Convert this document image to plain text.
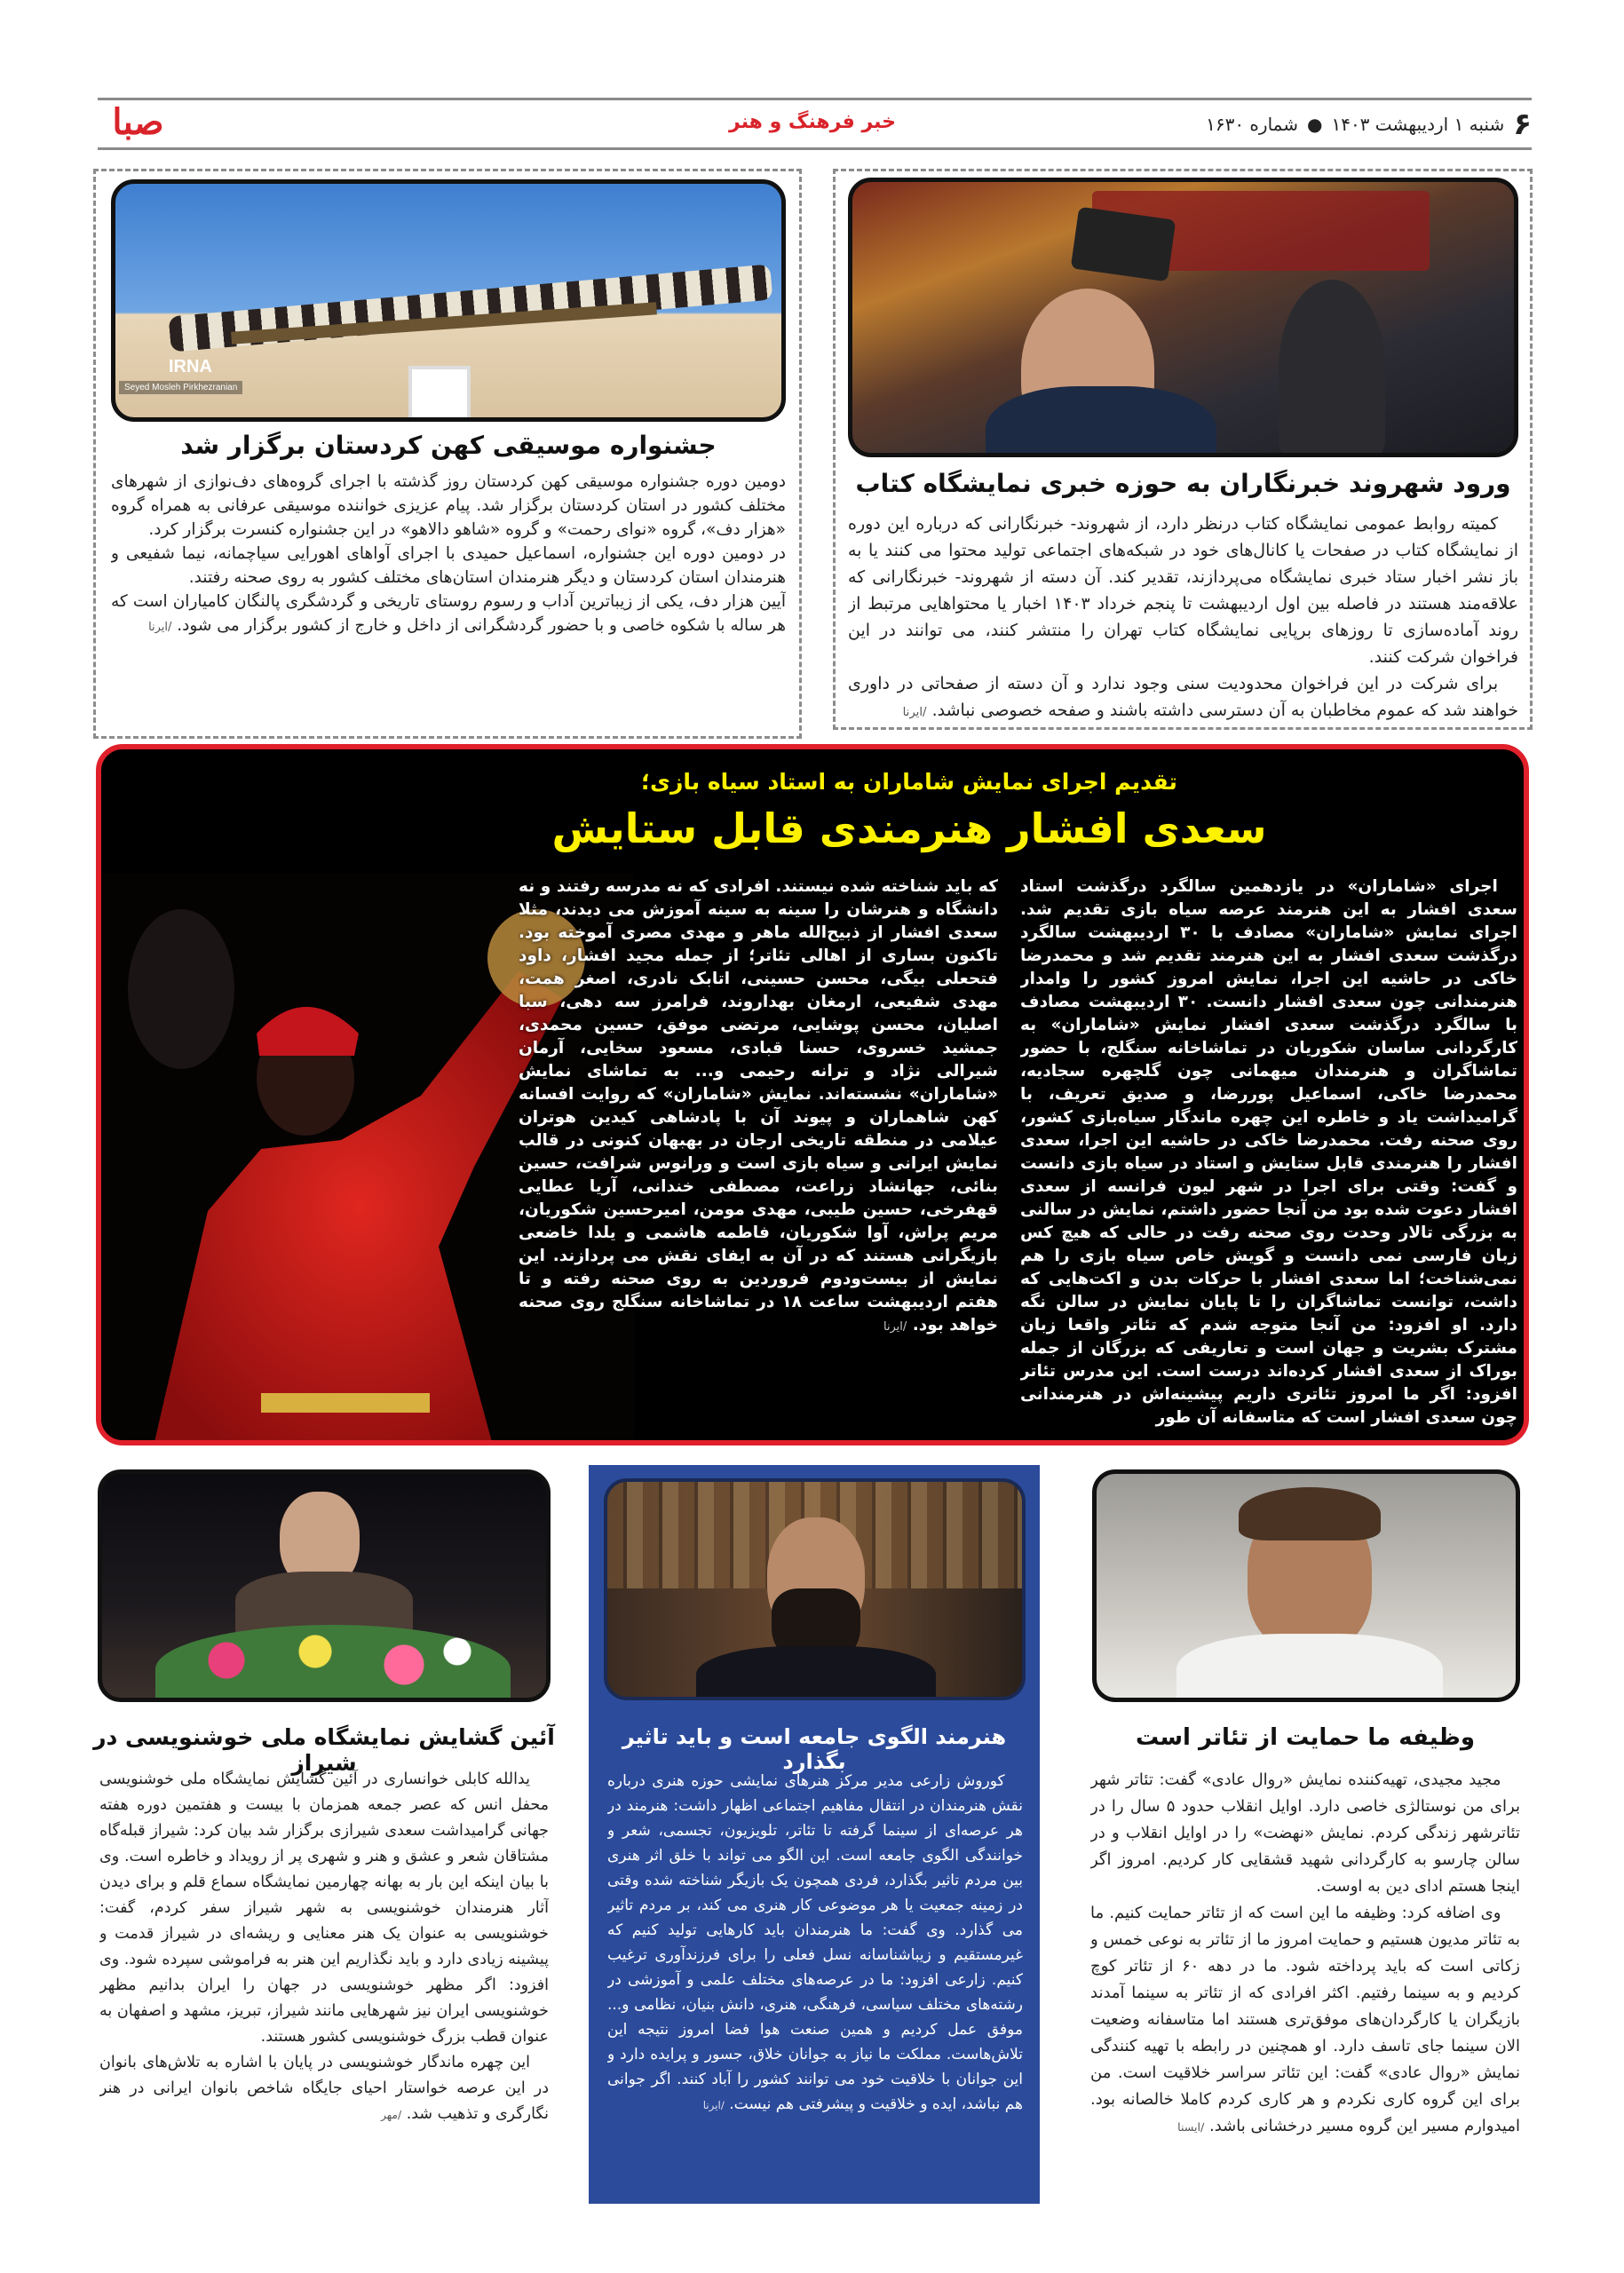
صبا	خبر فرهنگ و هنر	۶
شنبه ۱ اردیبهشت ۱۴۰۳
●
شماره ۱۶۳۰
ورود شهروند خبرنگاران به حوزه خبری نمایشگاه کتاب

کمیته روابط عمومی نمایشگاه کتاب درنظر دارد، از شهروند- خبرنگارانی که درباره این دوره از نمایشگاه کتاب در صفحات یا کانال‌های خود در شبکه‌های اجتماعی تولید محتوا می کنند یا به باز نشر اخبار ستاد خبری نمایشگاه می‌پردازند، تقدیر کند. آن دسته از شهروند- خبرنگارانی که علاقه‌مند هستند در فاصله بین اول اردیبهشت تا پنجم خرداد ۱۴۰۳ اخبار یا محتواهایی مرتبط از روند آماده‌سازی تا روزهای برپایی نمایشگاه کتاب تهران را منتشر کنند، می توانند در این فراخوان شرکت کنند.

برای شرکت در این فراخوان محدودیت سنی وجود ندارد و آن دسته از صفحاتی در داوری خواهند شد که عموم مخاطبان به آن دسترسی داشته باشند و صفحه خصوصی نباشد. /ایرنا

IRNA
Seyed Mosleh Pirkhezranian
جشنواره موسیقی کهن کردستان برگزار شد

دومین دوره جشنواره موسیقی کهن کردستان روز گذشته با اجرای گروه‌های دف‌نوازی از شهرهای مختلف کشور در استان کردستان برگزار شد. پیام عزیزی خواننده موسیقی عرفانی به همراه گروه «هزار دف»، گروه «نوای رحمت» و گروه «شاهو دالاهو» در این جشنواره کنسرت برگزار کرد.

در دومین دوره این جشنواره، اسماعیل حمیدی با اجرای آواهای اهورایی سیاچمانه، نیما شفیعی و هنرمندان استان کردستان و دیگر هنرمندان استان‌های مختلف کشور به روی صحنه رفتند.

آیین هزار دف، یکی از زیباترین آداب و رسوم روستای تاریخی و گردشگری پالنگان کامیاران است که هر ساله با شکوه خاصی و با حضور گردشگرانی از داخل و خارج از کشور برگزار می شود. /ایرنا

تقدیم اجرای نمایش شاماران به استاد سیاه بازی؛
سعدی افشار هنرمندی قابل ستایش

اجرای «شاماران» در یازدهمین سالگرد درگذشت استاد سعدی افشار به این هنرمند عرصه سیاه بازی تقدیم شد. اجرای نمایش «شاماران» مصادف با ۳۰ اردیبهشت سالگرد درگذشت سعدی افشار به این هنرمند تقدیم شد و محمدرضا خاکی در حاشیه این اجرا، نمایش امروز کشور را وامدار هنرمندانی چون سعدی افشار دانست. ۳۰ اردیبهشت مصادف با سالگرد درگذشت سعدی افشار نمایش «شاماران» به کارگردانی ساسان شکوریان در تماشاخانه سنگلج، با حضور تماشاگران و هنرمندان میهمانی چون گلچهره سجادیه، محمدرضا خاکی، اسماعیل پوررضا، و صدیق تعریف، با گرامیداشت یاد و خاطره این چهره ماندگار سیاه‌بازی کشور، روی صحنه رفت. محمدرضا خاکی در حاشیه این اجرا، سعدی افشار را هنرمندی قابل ستایش و استاد در سیاه بازی دانست و گفت: وقتی برای اجرا در شهر لیون فرانسه از سعدی افشار دعوت شده بود من آنجا حضور داشتم، نمایش در سالنی به بزرگی تالار وحدت روی صحنه رفت در حالی که هیچ کس زبان فارسی نمی دانست و گویش خاص سیاه بازی را هم نمی‌شناخت؛ اما سعدی افشار با حرکات بدن و اکت‌هایی که داشت، توانست تماشاگران را تا پایان نمایش در سالن نگه دارد. او افزود: من آنجا متوجه شدم که تئاتر واقعا زبان مشترک بشریت و جهان است و تعاریفی که بزرگان از جمله بوراک از سعدی افشار کرده‌اند درست است. این مدرس تئاتر افزود: اگر ما امروز تئاتری داریم پیشینه‌اش در هنرمندانی چون سعدی افشار است که متاسفانه آن طور

که باید شناخته شده نیستند. افرادی که نه مدرسه رفتند و نه دانشگاه و هنرشان را سینه به سینه آموزش می دیدند، مثلا سعدی افشار از ذبیح‌الله ماهر و مهدی مصری آموخته بود. تاکنون بساری از اهالی تئاتر؛ از جمله مجید افشار، داود فتحعلی بیگی، محسن حسینی، اتابک نادری، اصغر همت، مهدی شفیعی، ارمغان بهداروند، فرامرز سه دهی، سبا اصلیان، محسن پوشایی، مرتضی موفق، حسین محمدی، جمشید خسروی، حسنا قبادی، مسعود سخایی، آرمان شیرالی نژاد و ترانه رحیمی و... به تماشای نمایش «شاماران» نشسته‌اند. نمایش «شاماران» که روایت افسانه کهن شاهماران و پیوند آن با پادشاهی کیدین هوتران عیلامی در منطقه تاریخی ارجان در بهبهان کنونی در قالب نمایش ایرانی و سیاه بازی است و ورانوس شرافت، حسین بنائی، جهانشاد زراعت، مصطفی خندانی، آریا عطایی قهفرخی، حسین طیبی، مهدی مومن، امیرحسین شکوریان، مریم پراش، آوا شکوریان، فاطمه هاشمی و یلدا خاضعی بازیگرانی هستند که در آن به ایفای نقش می پردازند. این نمایش از بیست‌ودوم فروردین به روی صحنه رفته و تا هفتم اردیبهشت ساعت ۱۸ در تماشاخانه سنگلج روی صحنه خواهد بود. /ایرنا

وظیفه ما حمایت از تئاتر است

مجید مجیدی، تهیه‌کننده نمایش «روال عادی» گفت: تئاتر شهر برای من نوستالژی خاصی دارد. اوایل انقلاب حدود ۵ سال را در تئاترشهر زندگی کردم. نمایش «نهضت» را در اوایل انقلاب و در سالن چارسو به کارگردانی شهید قشقایی کار کردیم. امروز اگر اینجا هستم ادای دین به اوست.

وی اضافه کرد: وظیفه ما این است که از تئاتر حمایت کنیم. ما به تئاتر مدیون هستیم و حمایت امروز ما از تئاتر به نوعی خمس و زکاتی است که باید پرداخته شود. ما در دهه ۶۰ از تئاتر کوچ کردیم و به سینما رفتیم. اکثر افرادی که از تئاتر به سینما آمدند بازیگران یا کارگردان‌های موفق‌تری هستند اما متاسفانه وضعیت الان سینما جای تاسف دارد. او همچنین در رابطه با تهیه کنندگی نمایش «روال عادی» گفت: این تئاتر سراسر خلاقیت است. من برای این گروه کاری نکردم و هر کاری کردم کاملا خالصانه بود. امیدوارم مسیر این گروه مسیر درخشانی باشد. /ایسنا

هنرمند الگوی جامعه است و باید تاثیر بگذارد

کوروش زارعی مدیر مرکز هنرهای نمایشی حوزه هنری درباره نقش هنرمندان در انتقال مفاهیم اجتماعی اظهار داشت: هنرمند در هر عرصه‌ای از سینما گرفته تا تئاتر، تلویزیون، تجسمی، شعر و خوانندگی الگوی جامعه است. این الگو می تواند با خلق اثر هنری بین مردم تاثیر بگذارد، فردی همچون یک بازیگر شناخته شده وقتی در زمینه جمعیت یا هر موضوعی کار هنری می کند، بر مردم تاثیر می گذارد. وی گفت: ما هنرمندان باید کارهایی تولید کنیم که غیرمستقیم و زیباشناسانه نسل فعلی را برای فرزندآوری ترغیب کنیم. زارعی افزود: ما در عرصه‌های مختلف علمی و آموزشی در رشته‌های مختلف سیاسی، فرهنگی، هنری، دانش بنیان، نظامی و... موفق عمل کردیم و همین صنعت هوا فضا امروز نتیجه این تلاش‌هاست. مملکت ما نیاز به جوانان خلاق، جسور و پرایده دارد و این جوانان با خلاقیت خود می توانند کشور را آباد کنند. اگر جوانی هم نباشد، ایده و خلاقیت و پیشرفتی هم نیست. /ایرنا

آئین گشایش نمایشگاه ملی خوشنویسی در شیراز

یدالله کابلی خوانساری در آئین گشایش نمایشگاه ملی خوشنویسی محفل انس که عصر جمعه همزمان با بیست و هفتمین دوره هفته جهانی گرامیداشت سعدی شیرازی برگزار شد بیان کرد: شیراز قبله‌گاه مشتاقان شعر و عشق و هنر و شهری پر از رویداد و خاطره است. وی با بیان اینکه این بار به بهانه چهارمین نمایشگاه سماع قلم و برای دیدن آثار هنرمندان خوشنویسی به شهر شیراز سفر کردم، گفت: خوشنویسی به عنوان یک هنر معنایی و ریشه‌ای در شیراز قدمت و پیشینه زیادی دارد و باید نگذاریم این هنر به فراموشی سپرده شود. وی افزود: اگر مظهر خوشنویسی در جهان را ایران بدانیم مظهر خوشنویسی ایران نیز شهرهایی مانند شیراز، تبریز، مشهد و اصفهان به عنوان قطب بزرگ خوشنویسی کشور هستند.

این چهره ماندگار خوشنویسی در پایان با اشاره به تلاش‌های بانوان در این عرصه خواستار احیای جایگاه شاخص بانوان ایرانی در هنر نگارگری و تذهیب شد. /مهر
